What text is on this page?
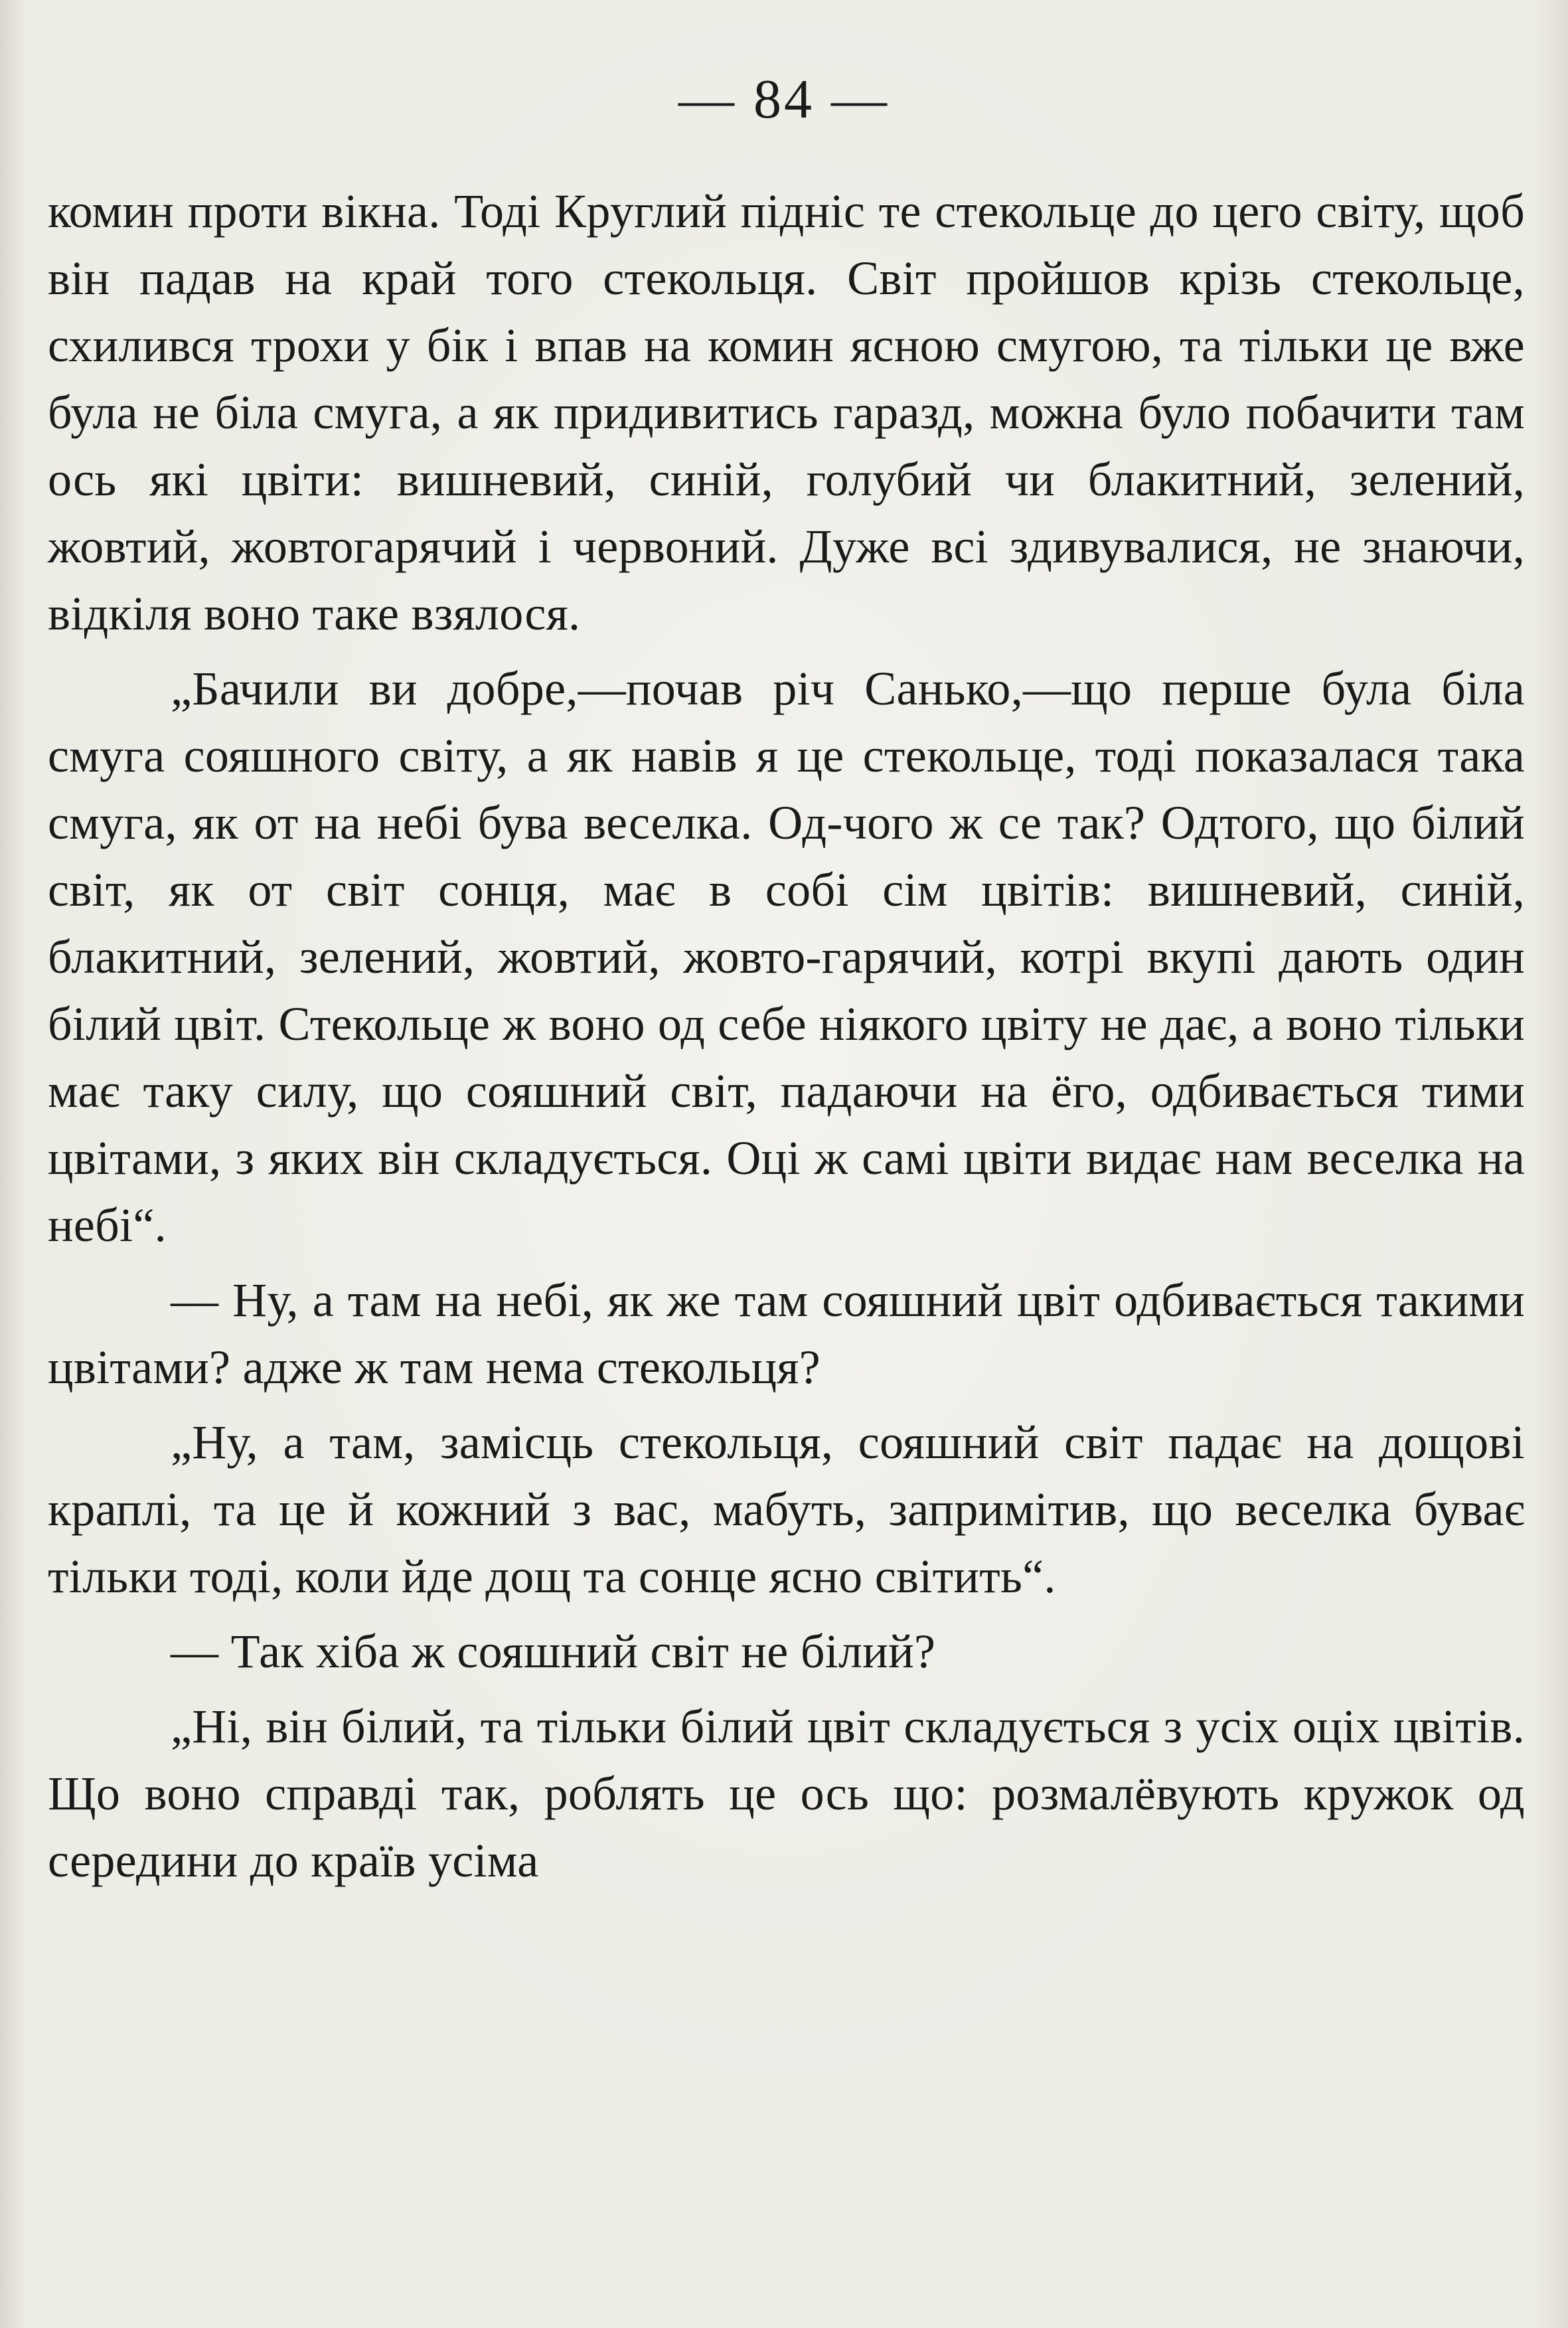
— 84 —

комин проти вікна. Тоді Круглий підніс те стекольце до цего світу, щоб він падав на край того стекольця. Світ пройшов крізь стекольце, схилився трохи у бік і впав на комин ясною смугою, та тільки це вже була не біла смуга, а як придивитись гаразд, можна було побачити там ось які цвіти: вишневий, синій, голубий чи блакитний, зелений, жовтий, жовтогарячий і червоний. Дуже всі здивувалися, не знаючи, відкіля воно таке взялося.

„Бачили ви добре,—почав річ Санько,—що перше була біла смуга сояшного світу, а як навів я це стекольце, тоді показалася така смуга, як от на небі бува веселка. Од-чого ж се так? Одтого, що білий світ, як от світ сонця, має в собі сім цвітів: вишневий, синій, блакитний, зелений, жовтий, жовто-гарячий, котрі вкупі дають один білий цвіт. Стекольце ж воно од себе ніякого цвіту не дає, а воно тільки має таку силу, що сояшний світ, падаючи на ёго, одбивається тими цвітами, з яких він складується. Оці ж самі цвіти видає нам веселка на небі“.

— Ну, а там на небі, як же там сояшний цвіт одбивається такими цвітами? адже ж там нема стекольця?

„Ну, а там, замісць стекольця, сояшний світ падає на дощові краплі, та це й кожний з вас, мабуть, запримітив, що веселка буває тільки тоді, коли йде дощ та сонце ясно світить“.

— Так хіба ж сояшний світ не білий?

„Ні, він білий, та тільки білий цвіт складується з усіх оціх цвітів. Що воно справді так, роблять це ось що: розмалёвують кружок од середини до країв усіма
